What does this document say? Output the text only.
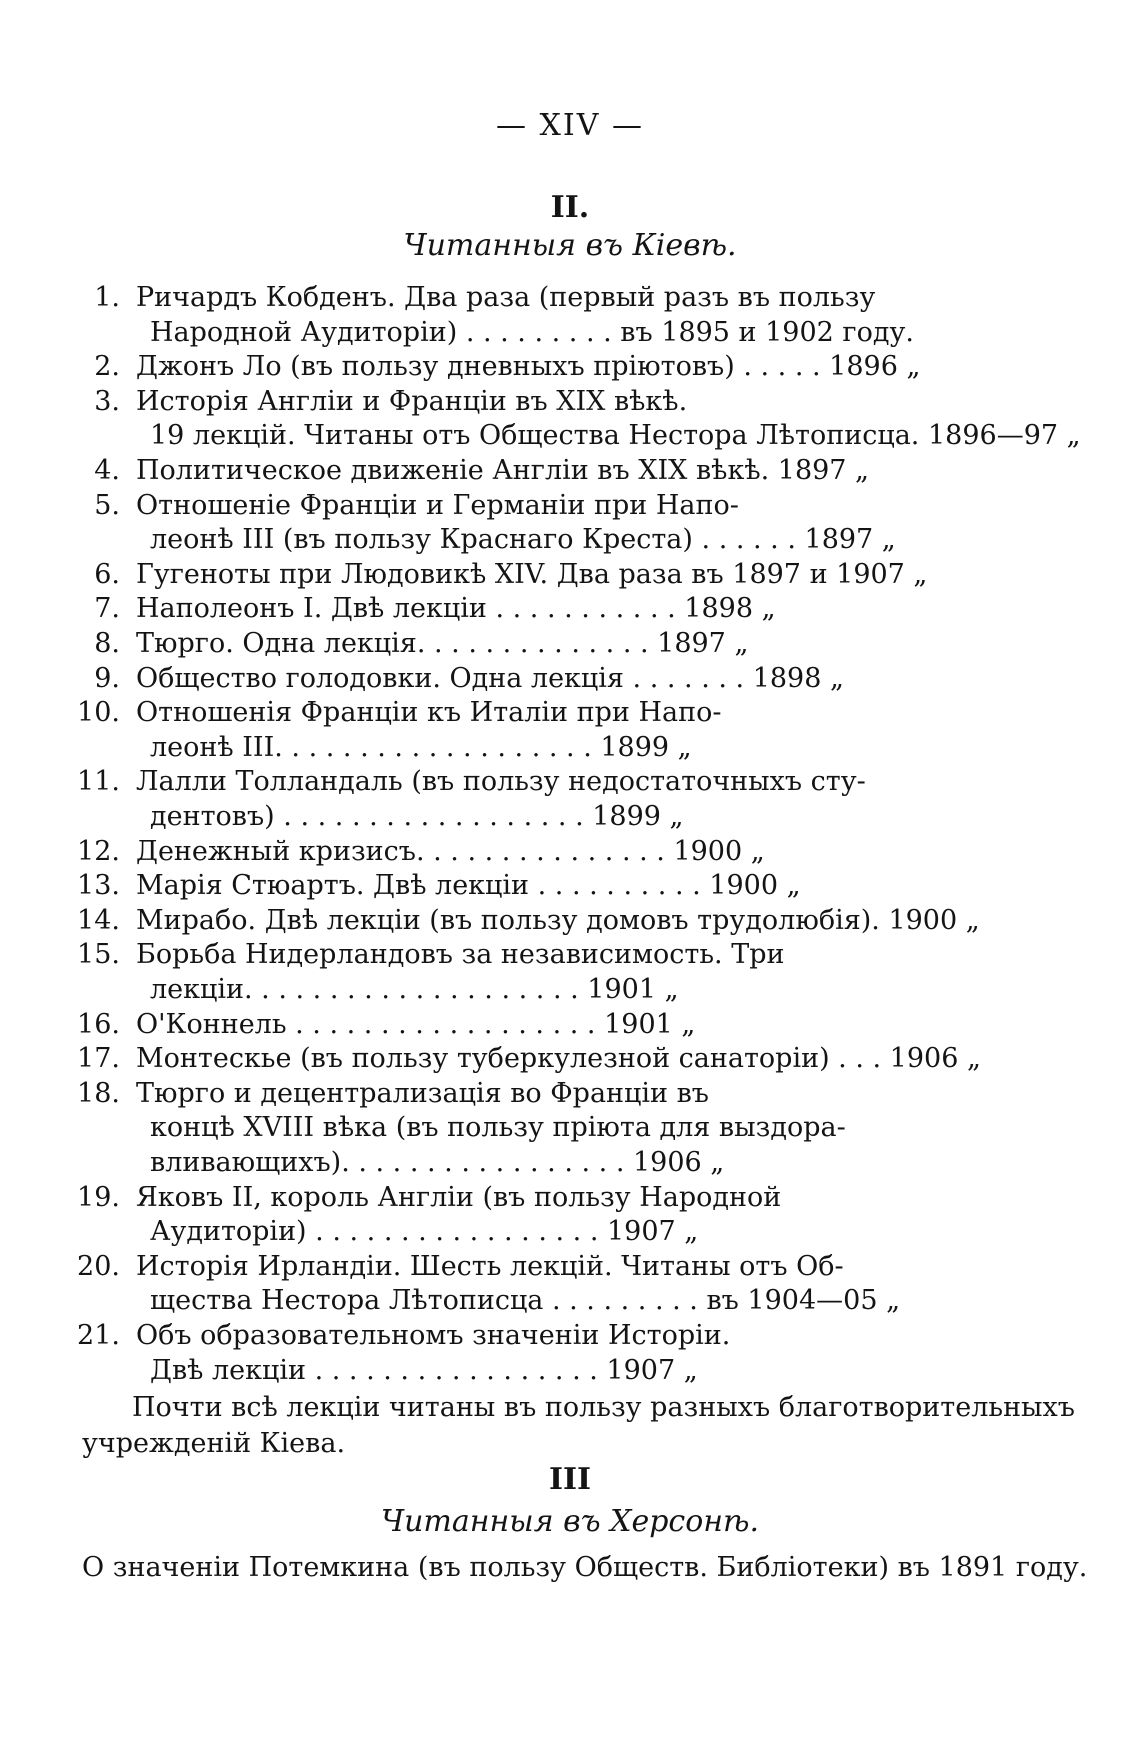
— XIV —
II.
Читанныя въ Кіевѣ.
1. Ричардъ Кобденъ. Два раза (первый разъ въ пользу
Народной Аудиторіи) . . . . . . . . . въ 1895 и 1902 году.
2. Джонъ Ло (въ пользу дневныхъ пріютовъ) . . . . . 1896 „
3. Исторія Англіи и Франціи въ XIX вѣкѣ.
19 лекцій. Читаны отъ Общества Нестора Лѣтописца. 1896—97 „
4. Политическое движеніе Англіи въ XIX вѣкѣ. 1897 „
5. Отношеніе Франціи и Германіи при Напо-
леонѣ III (въ пользу Краснаго Креста) . . . . . . 1897 „
6. Гугеноты при Людовикѣ XIV. Два раза въ 1897 и 1907 „
7. Наполеонъ I. Двѣ лекціи . . . . . . . . . . . 1898 „
8. Тюрго. Одна лекція. . . . . . . . . . . . . . 1897 „
9. Общество голодовки. Одна лекція . . . . . . . 1898 „
10. Отношенія Франціи къ Италіи при Напо-
леонѣ III. . . . . . . . . . . . . . . . . . . 1899 „
11. Лалли Толландаль (въ пользу недостаточныхъ сту-
дентовъ) . . . . . . . . . . . . . . . . . . 1899 „
12. Денежный кризисъ. . . . . . . . . . . . . . . 1900 „
13. Марія Стюартъ. Двѣ лекціи . . . . . . . . . . 1900 „
14. Мирабо. Двѣ лекціи (въ пользу домовъ трудолюбія). 1900 „
15. Борьба Нидерландовъ за независимость. Три
лекціи. . . . . . . . . . . . . . . . . . . . 1901 „
16. О'Коннель . . . . . . . . . . . . . . . . . . 1901 „
17. Монтескье (въ пользу туберкулезной санаторіи) . . . 1906 „
18. Тюрго и децентрализація во Франціи въ
концѣ XVIII вѣка (въ пользу пріюта для выздора-
вливающихъ). . . . . . . . . . . . . . . . . 1906 „
19. Яковъ II, король Англіи (въ пользу Народной
Аудиторіи) . . . . . . . . . . . . . . . . . 1907 „
20. Исторія Ирландіи. Шесть лекцій. Читаны отъ Об-
щества Нестора Лѣтописца . . . . . . . . . въ 1904—05 „
21. Объ образовательномъ значеніи Исторіи.
Двѣ лекціи . . . . . . . . . . . . . . . . . 1907 „
Почти всѣ лекціи читаны въ пользу разныхъ благотворительныхъ
учрежденій Кіева.
III
Читанныя въ Херсонѣ.
О значеніи Потемкина (въ пользу Обществ. Библіотеки) въ 1891 году.
